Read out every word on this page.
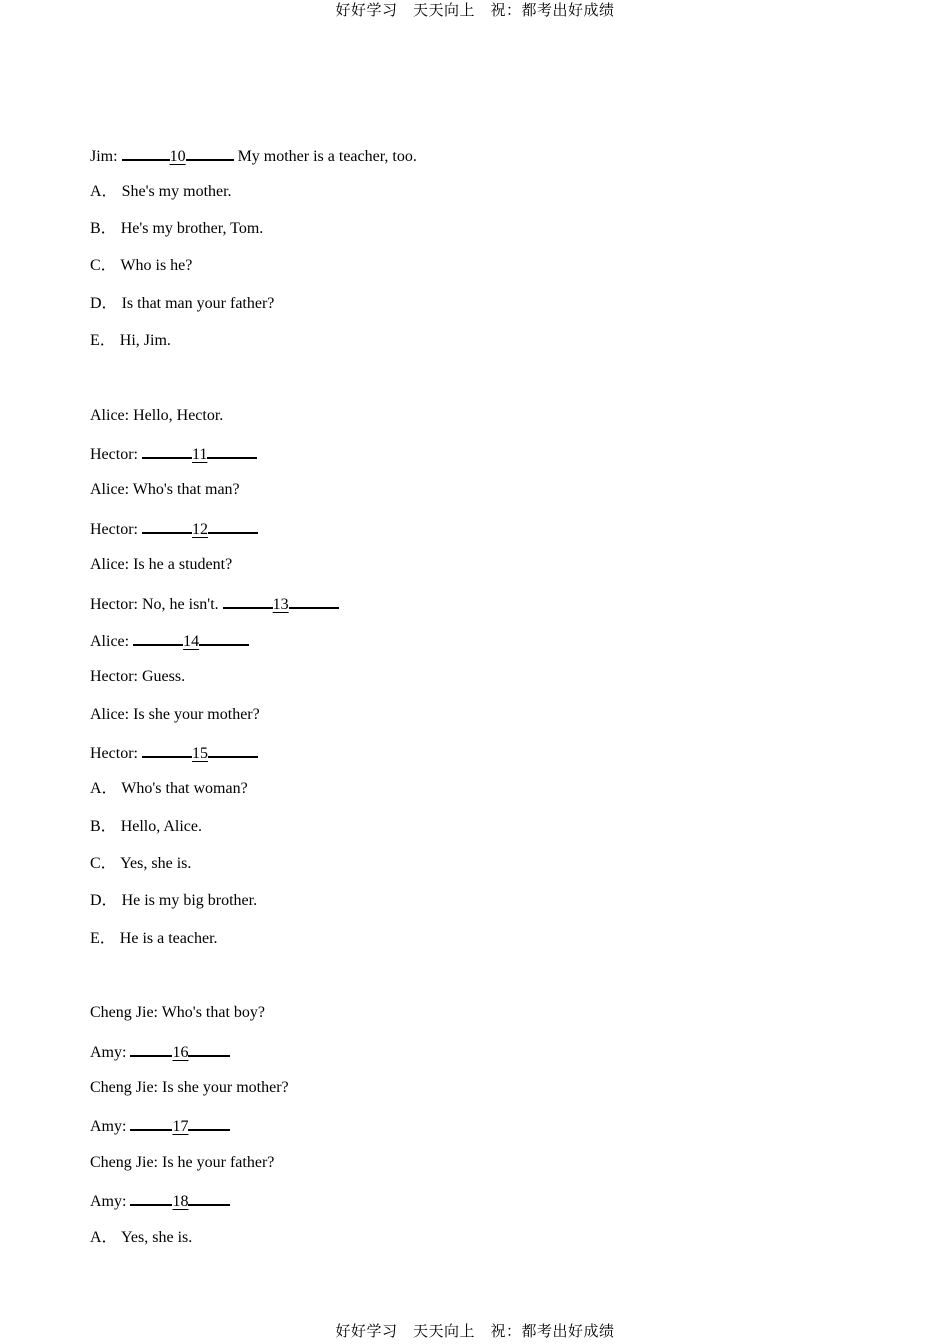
好好学习　天天向上　祝：都考出好成绩
Jim:	10	My mother is a teacher, too.
A． She's my mother.
B． He's my brother, Tom.
C． Who is he?
D． Is that man your father?
E． Hi, Jim.
Alice: Hello, Hector.
Hector:	11
Alice: Who's that man?
Hector:	12
Alice: Is he a student?
Hector: No, he isn't.	13
Alice:	14
Hector: Guess.
Alice: Is she your mother?
Hector:	15
A． Who's that woman?
B． Hello, Alice.
C． Yes, she is.
D． He is my big brother.
E． He is a teacher.
Cheng Jie: Who's that boy?
Amy:	16
Cheng Jie: Is she your mother?
Amy:	17
Cheng Jie: Is he your father?
Amy:	18
A． Yes, she is.
好好学习　天天向上　祝：都考出好成绩
